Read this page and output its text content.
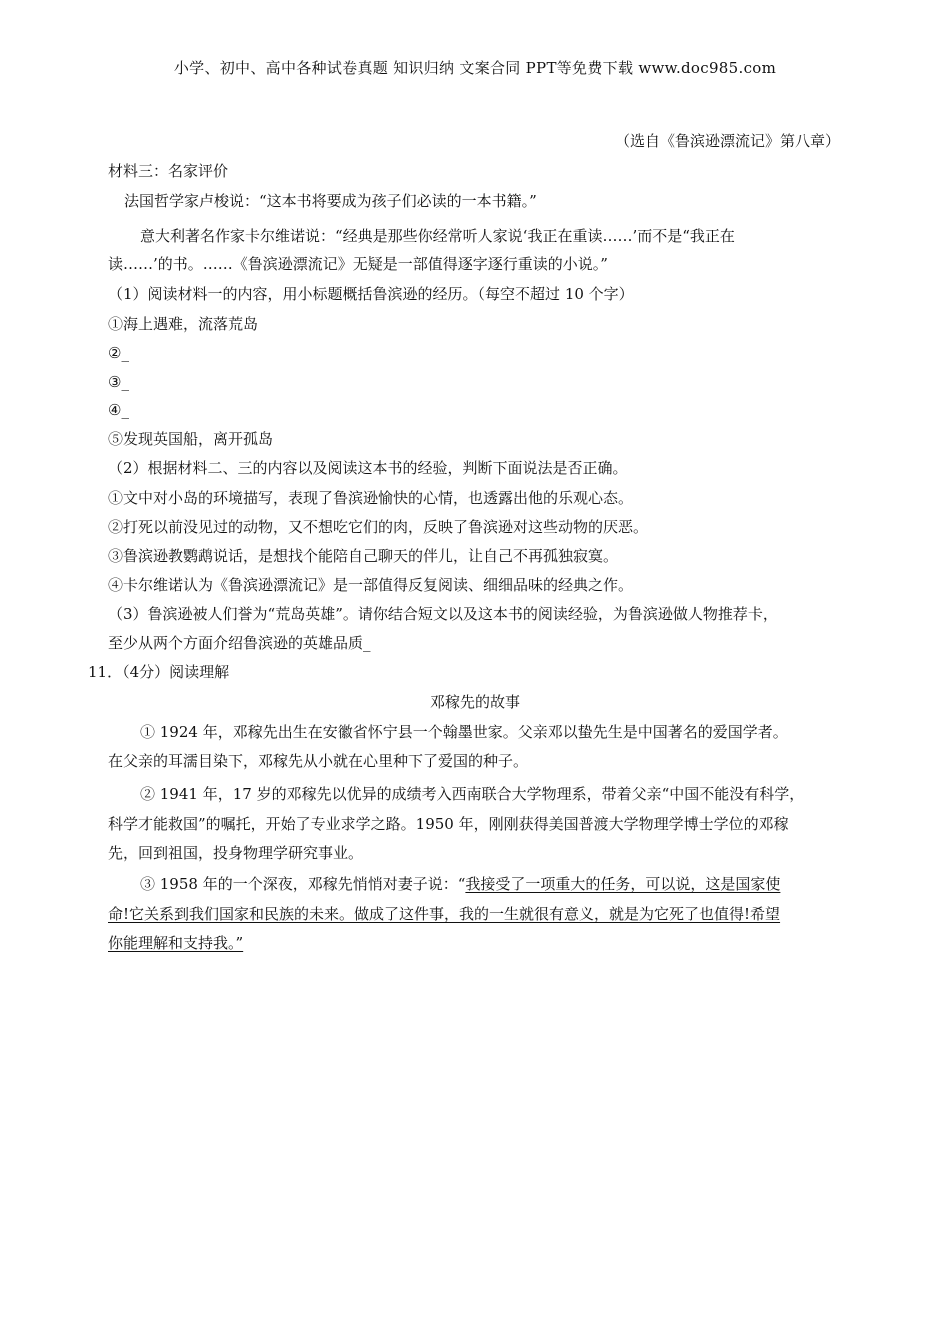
小学、初中、高中各种试卷真题 知识归纳 文案合同 PPT等免费下载 www.doc985.com
（选自《鲁滨逊漂流记》第八章）
材料三：名家评价
法国哲学家卢梭说：“这本书将要成为孩子们必读的一本书籍。”
意大利著名作家卡尔维诺说：“经典是那些你经常听人家说‘我正在重读……’而不是“我正在
读……’的书。……《鲁滨逊漂流记》无疑是一部值得逐字逐行重读的小说。”
（1）阅读材料一的内容，用小标题概括鲁滨逊的经历。（每空不超过 10 个字）
①海上遇难，流落荒岛
②_
③_
④_
⑤发现英国船，离开孤岛
（2）根据材料二、三的内容以及阅读这本书的经验，判断下面说法是否正确。
①文中对小岛的环境描写，表现了鲁滨逊愉快的心情，也透露出他的乐观心态。
②打死以前没见过的动物，又不想吃它们的肉，反映了鲁滨逊对这些动物的厌恶。
③鲁滨逊教鹦鹉说话，是想找个能陪自己聊天的伴儿，让自己不再孤独寂寞。
④卡尔维诺认为《鲁滨逊漂流记》是一部值得反复阅读、细细品味的经典之作。
（3）鲁滨逊被人们誉为“荒岛英雄”。请你结合短文以及这本书的阅读经验，为鲁滨逊做人物推荐卡，
至少从两个方面介绍鲁滨逊的英雄品质_
11．（4分）阅读理解
邓稼先的故事
① 1924 年，邓稼先出生在安徽省怀宁县一个翰墨世家。父亲邓以蛰先生是中国著名的爱国学者。
在父亲的耳濡目染下，邓稼先从小就在心里种下了爱国的种子。
② 1941 年，17 岁的邓稼先以优异的成绩考入西南联合大学物理系，带着父亲“中国不能没有科学，
科学才能救国”的嘱托，开始了专业求学之路。1950 年，刚刚获得美国普渡大学物理学博士学位的邓稼
先，回到祖国，投身物理学研究事业。
③ 1958 年的一个深夜，邓稼先悄悄对妻子说：“我接受了一项重大的任务，可以说，这是国家使
命!它关系到我们国家和民族的未来。做成了这件事，我的一生就很有意义，就是为它死了也值得!希望
你能理解和支持我。”
